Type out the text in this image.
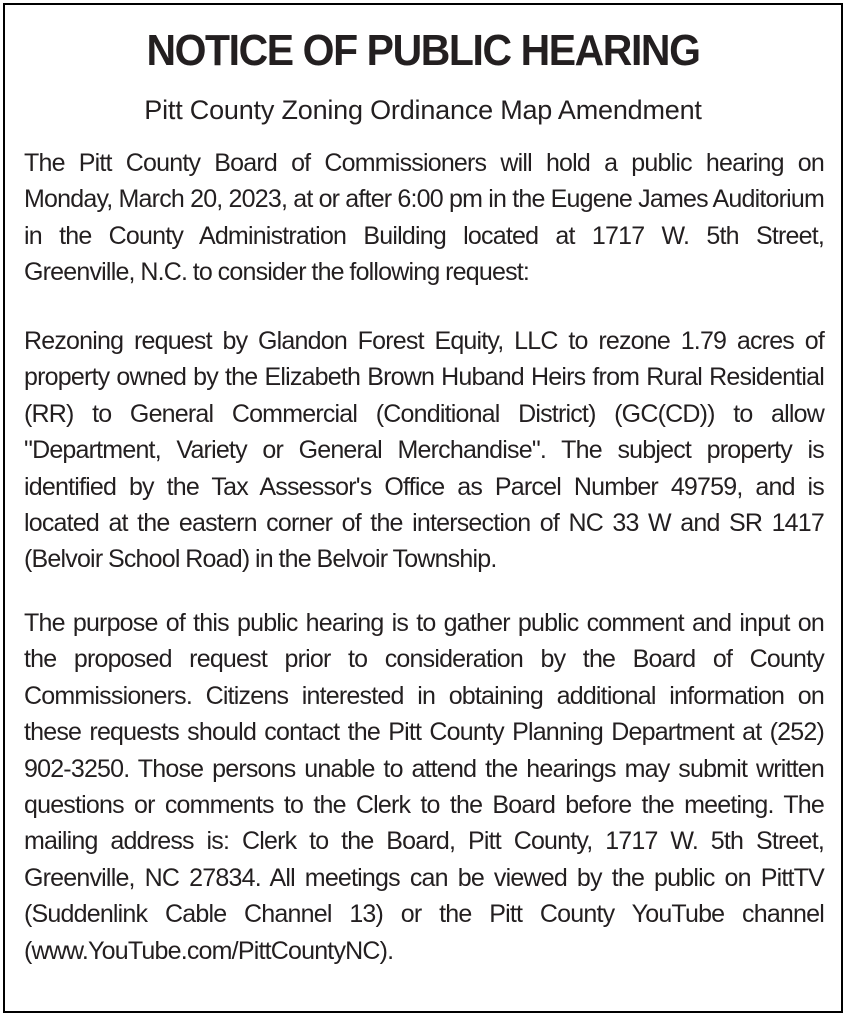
NOTICE OF PUBLIC HEARING
Pitt County Zoning Ordinance Map Amendment

The Pitt County Board of Commissioners will hold a public hearing on Monday, March 20, 2023, at or after 6:00 pm in the Eugene James Auditorium in the County Administration Building located at 1717 W. 5th Street, Greenville, N.C. to consider the following request:

Rezoning request by Glandon Forest Equity, LLC to rezone 1.79 acres of property owned by the Elizabeth Brown Huband Heirs from Rural Residential (RR) to General Commercial (Conditional District) (GC(CD)) to allow "Department, Variety or General Merchandise". The subject property is identified by the Tax Assessor's Office as Parcel Number 49759, and is located at the eastern corner of the intersection of NC 33 W and SR 1417 (Belvoir School Road) in the Belvoir Township.

The purpose of this public hearing is to gather public comment and input on the proposed request prior to consideration by the Board of County Commissioners. Citizens interested in obtaining additional information on these requests should contact the Pitt County Planning Department at (252) 902-3250. Those persons unable to attend the hearings may submit written questions or comments to the Clerk to the Board before the meeting. The mailing address is: Clerk to the Board, Pitt County, 1717 W. 5th Street, Greenville, NC 27834. All meetings can be viewed by the public on PittTV (Suddenlink Cable Channel 13) or the Pitt County YouTube channel (www.YouTube.com/PittCountyNC).
